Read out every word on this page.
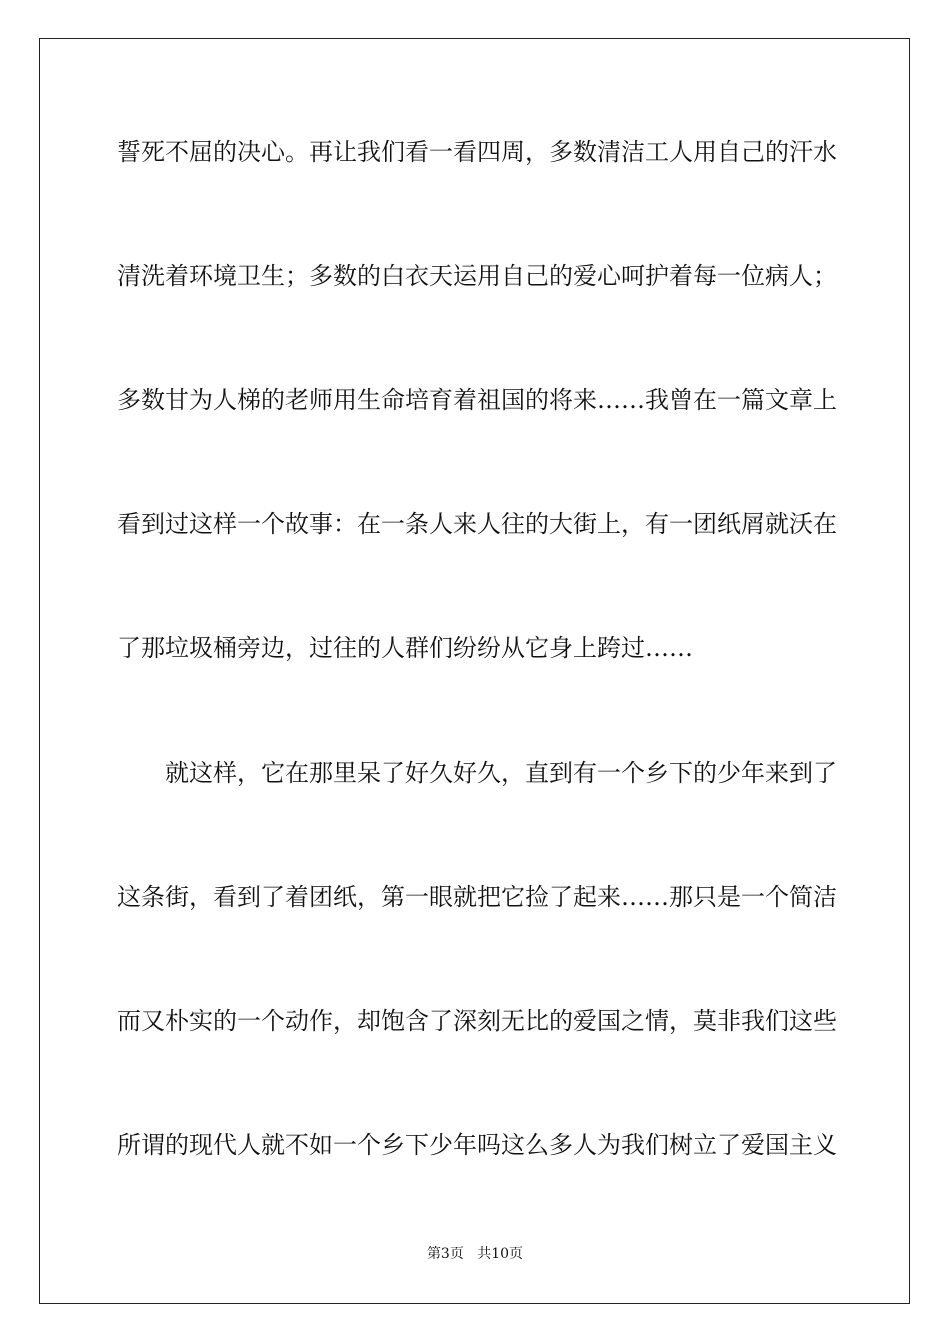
誓死不屈的决心。再让我们看一看四周，多数清洁工人用自己的汗水
清洗着环境卫生；多数的白衣天运用自己的爱心呵护着每一位病人；
多数甘为人梯的老师用生命培育着祖国的将来……我曾在一篇文章上
看到过这样一个故事：在一条人来人往的大街上，有一团纸屑就沃在
了那垃圾桶旁边，过往的人群们纷纷从它身上跨过……
就这样，它在那里呆了好久好久，直到有一个乡下的少年来到了
这条街，看到了着团纸，第一眼就把它捡了起来……那只是一个简洁
而又朴实的一个动作，却饱含了深刻无比的爱国之情，莫非我们这些
所谓的现代人就不如一个乡下少年吗这么多人为我们树立了爱国主义
第3页 共10页
